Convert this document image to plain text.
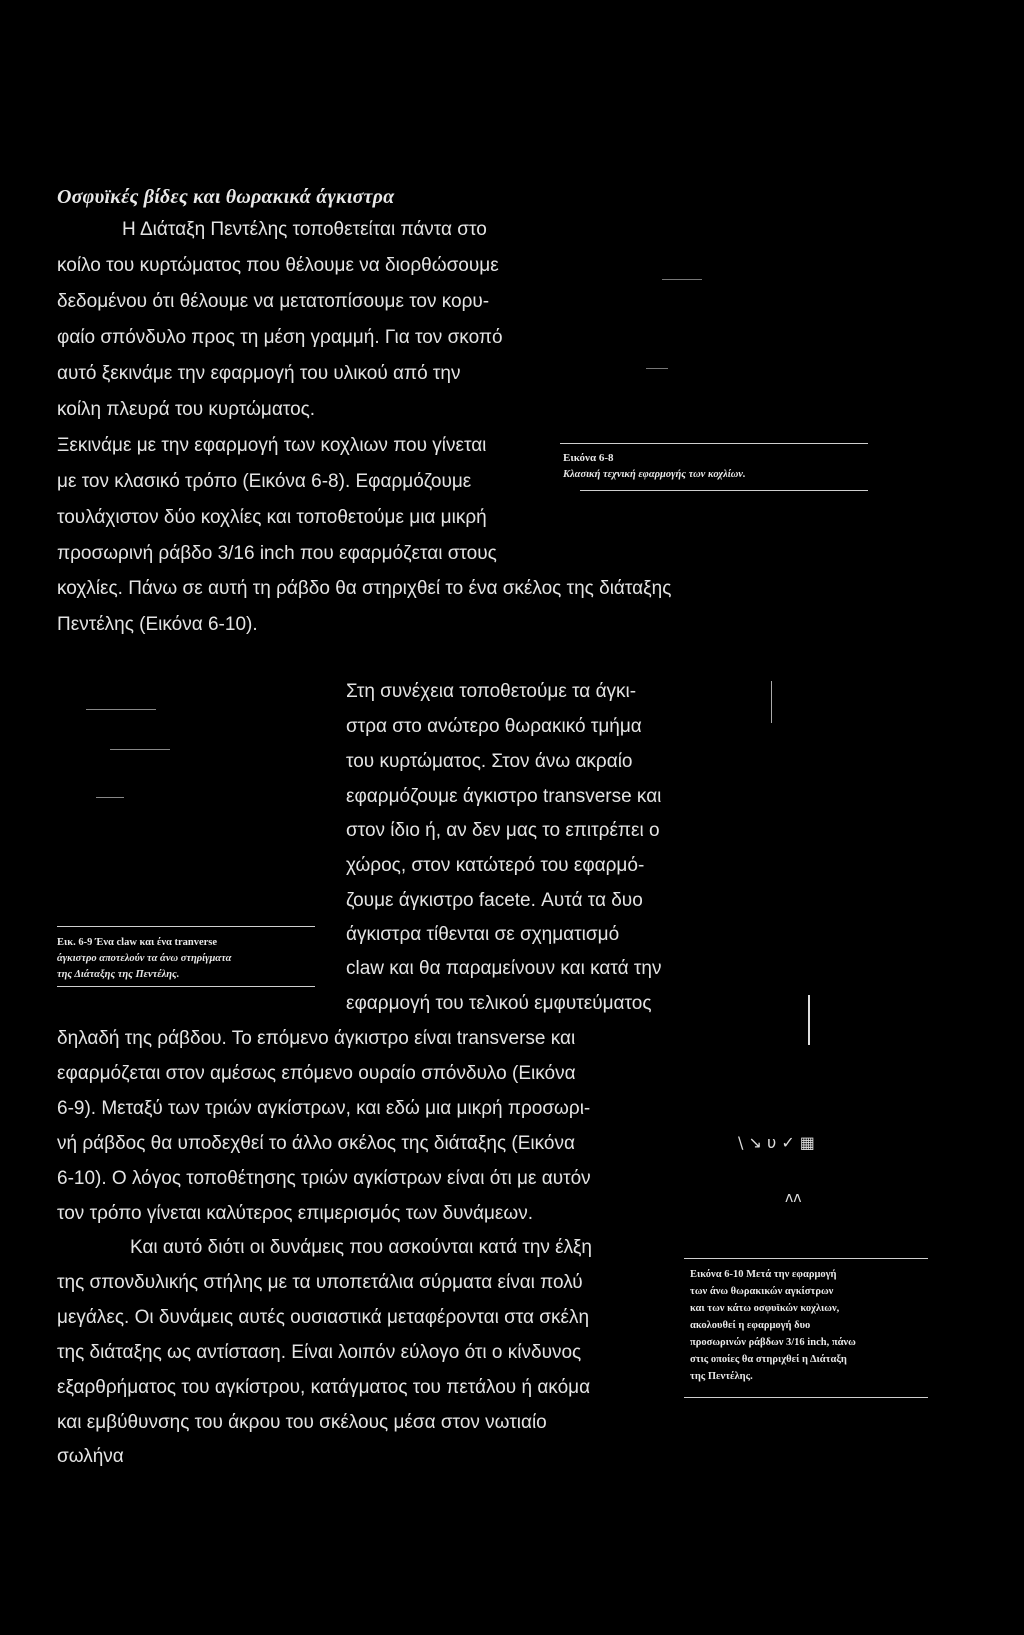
Οσφυϊκές βίδες και θωρακικά άγκιστρα
Η Διάταξη Πεντέλης τοποθετείται πάντα στο
κοίλο του κυρτώματος που θέλουμε να διορθώσουμε
δεδομένου ότι θέλουμε να μετατοπίσουμε τον κορυ-
φαίο σπόνδυλο προς τη μέση γραμμή. Για τον σκοπό
αυτό ξεκινάμε την εφαρμογή του υλικού από την
κοίλη πλευρά του κυρτώματος.
Ξεκινάμε με την εφαρμογή των κοχλιων που γίνεται
με τον κλασικό τρόπο (Εικόνα 6-8). Εφαρμόζουμε
τουλάχιστον δύο κοχλίες και τοποθετούμε μια μικρή
προσωρινή ράβδο 3/16 inch που εφαρμόζεται στους
κοχλίες. Πάνω σε αυτή τη ράβδο θα στηριχθεί το ένα σκέλος της διάταξης
Πεντέλης (Εικόνα 6-10).
Εικόνα 6-8
Κλασική τεχνική εφαρμογής των κοχλίων.
Στη συνέχεια τοποθετούμε τα άγκι-
στρα στο ανώτερο θωρακικό τμήμα
του κυρτώματος. Στον άνω ακραίο
εφαρμόζουμε άγκιστρο transverse και
στον ίδιο ή, αν δεν μας το επιτρέπει ο
χώρος, στον κατώτερό του εφαρμό-
ζουμε άγκιστρο facete. Αυτά τα δυο
άγκιστρα τίθενται σε σχηματισμό
claw και θα παραμείνουν και κατά την
εφαρμογή του τελικού εμφυτεύματος
Εικ. 6-9 Ένα claw και ένα tranverse
άγκιστρο αποτελούν τα άνω στηρίγματα
της Διάταξης της Πεντέλης.
δηλαδή της ράβδου. Το επόμενο άγκιστρο είναι transverse και
εφαρμόζεται στον αμέσως επόμενο ουραίο σπόνδυλο (Εικόνα
6-9). Μεταξύ των τριών αγκίστρων, και εδώ μια μικρή προσωρι-
νή ράβδος θα υποδεχθεί το άλλο σκέλος της διάταξης (Εικόνα
6-10). Ο λόγος τοποθέτησης τριών αγκίστρων είναι ότι με αυτόν
τον τρόπο γίνεται καλύτερος επιμερισμός των δυνάμεων.
Και αυτό διότι οι δυνάμεις που ασκούνται κατά την έλξη
της σπονδυλικής στήλης με τα υποπετάλια σύρματα είναι πολύ
μεγάλες. Οι δυνάμεις αυτές ουσιαστικά μεταφέρονται στα σκέλη
της διάταξης ως αντίσταση. Είναι λοιπόν εύλογο ότι ο κίνδυνος
εξαρθρήματος του αγκίστρου, κατάγματος του πετάλου ή ακόμα
και εμβύθυνσης του άκρου του σκέλους μέσα στον νωτιαίο
σωλήνα
\ ↘ υ ✓ ▦
ʌʌ
Εικόνα 6-10 Μετά την εφαρμογή
των άνω θωρακικών αγκίστρων
και των κάτω οσφυϊκών κοχλιων,
ακολουθεί η εφαρμογή δυο
προσωρινών ράβδων 3/16 inch, πάνω
στις οποίες θα στηριχθεί η Διάταξη
της Πεντέλης.
